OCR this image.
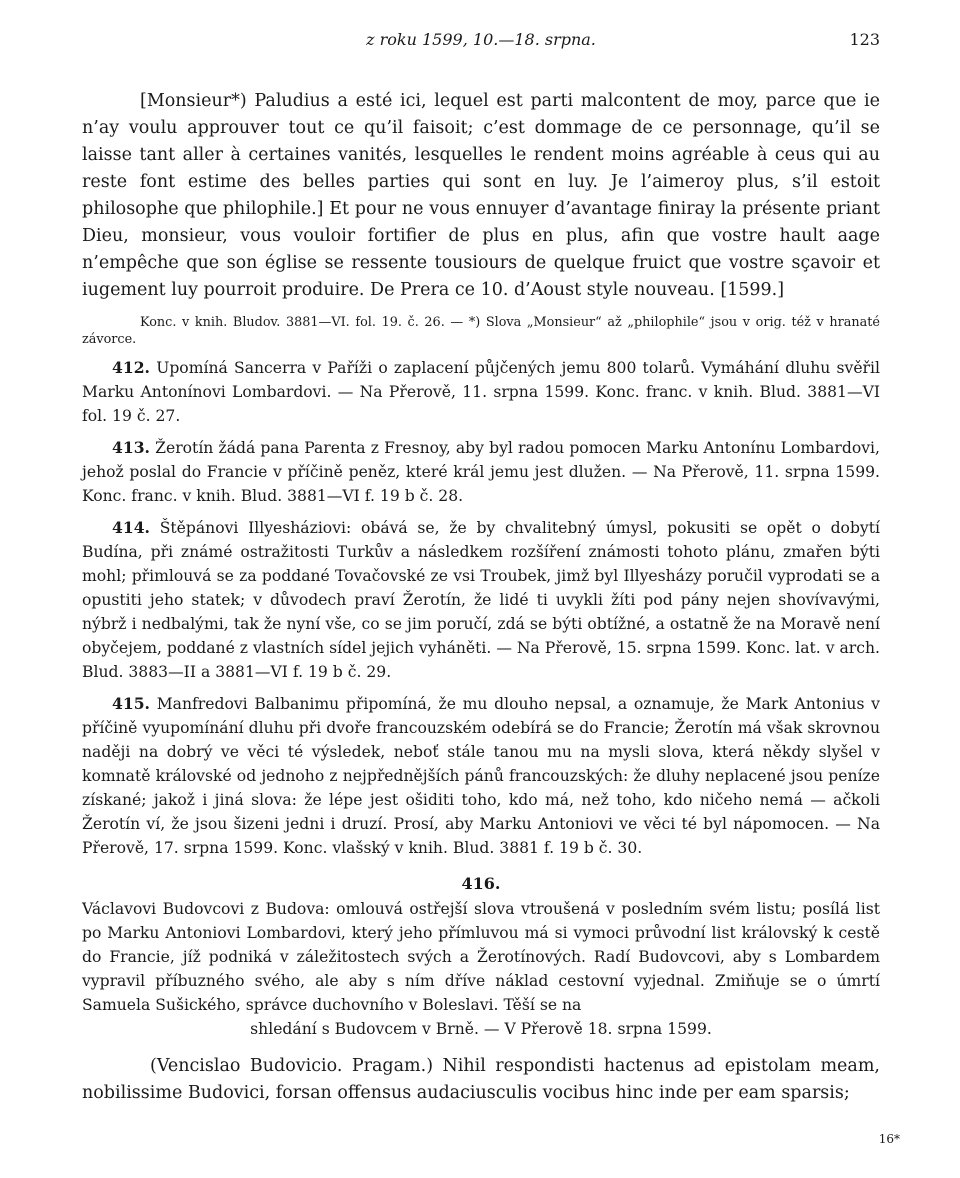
z roku 1599, 10.—18. srpna.	123

[Monsieur*) Paludius a esté ici, lequel est parti malcontent de moy, parce que ie n’ay voulu approuver tout ce qu’il faisoit; c’est dommage de ce personnage, qu’il se laisse tant aller à certaines vanités, lesquelles le rendent moins agréable à ceus qui au reste font estime des belles parties qui sont en luy. Je l’aimeroy plus, s’il estoit philosophe que philophile.] Et pour ne vous ennuyer d’avantage finiray la présente priant Dieu, monsieur, vous vouloir fortifier de plus en plus, afin que vostre hault aage n’empêche que son église se ressente tousiours de quelque fruict que vostre sçavoir et iugement luy pourroit produire. De Prera ce 10. d’Aoust style nouveau. [1599.]

Konc. v knih. Bludov. 3881—VI. fol. 19. č. 26. — *) Slova „Monsieur“ až „philophile“ jsou v orig. též v hranaté závorce.

412. Upomíná Sancerra v Paříži o zaplacení půjčených jemu 800 tolarů. Vymáhání dluhu svěřil Marku Antonínovi Lombardovi. — Na Přerově, 11. srpna 1599. Konc. franc. v knih. Blud. 3881—VI fol. 19 č. 27.

413. Žerotín žádá pana Parenta z Fresnoy, aby byl radou pomocen Marku Antonínu Lombardovi, jehož poslal do Francie v příčině peněz, které král jemu jest dlužen. — Na Přerově, 11. srpna 1599. Konc. franc. v knih. Blud. 3881—VI f. 19 b č. 28.

414. Štěpánovi Illyesháziovi: obává se, že by chvalitebný úmysl, pokusiti se opět o dobytí Budína, při známé ostražitosti Turkův a následkem rozšíření známosti tohoto plánu, zmařen býti mohl; přimlouvá se za poddané Tovačovské ze vsi Troubek, jimž byl Illyesházy poručil vyprodati se a opustiti jeho statek; v důvodech praví Žerotín, že lidé ti uvykli žíti pod pány nejen shovívavými, nýbrž i nedbalými, tak že nyní vše, co se jim poručí, zdá se býti obtížné, a ostatně že na Moravě není obyčejem, poddané z vlastních sídel jejich vyháněti. — Na Přerově, 15. srpna 1599. Konc. lat. v arch. Blud. 3883—II a 3881—VI f. 19 b č. 29.

415. Manfredovi Balbanimu připomíná, že mu dlouho nepsal, a oznamuje, že Mark Antonius v příčině vyupomínání dluhu při dvoře francouzském odebírá se do Francie; Žerotín má však skrovnou naději na dobrý ve věci té výsledek, neboť stále tanou mu na mysli slova, která někdy slyšel v komnatě královské od jednoho z nejpřednějších pánů francouzských: že dluhy neplacené jsou peníze získané; jakož i jiná slova: že lépe jest ošiditi toho, kdo má, než toho, kdo ničeho nemá — ačkoli Žerotín ví, že jsou šizeni jedni i druzí. Prosí, aby Marku Antoniovi ve věci té byl nápomocen. — Na Přerově, 17. srpna 1599. Konc. vlašský v knih. Blud. 3881 f. 19 b č. 30.

416.

Václavovi Budovcovi z Budova: omlouvá ostřejší slova vtroušená v posledním svém listu; posílá list po Marku Antoniovi Lombardovi, který jeho přímluvou má si vymoci průvodní list královský k cestě do Francie, jíž podniká v záležitostech svých a Žerotínových. Radí Budovcovi, aby s Lombardem vypravil příbuzného svého, ale aby s ním dříve náklad cestovní vyjednal. Zmiňuje se o úmrtí Samuela Sušického, správce duchovního v Boleslavi. Těší se na
shledání s Budovcem v Brně. — V Přerově 18. srpna 1599.

(Vencislao Budovicio. Pragam.) Nihil respondisti hactenus ad epistolam meam, nobilissime Budovici, forsan offensus audaciusculis vocibus hinc inde per eam sparsis;

16*
